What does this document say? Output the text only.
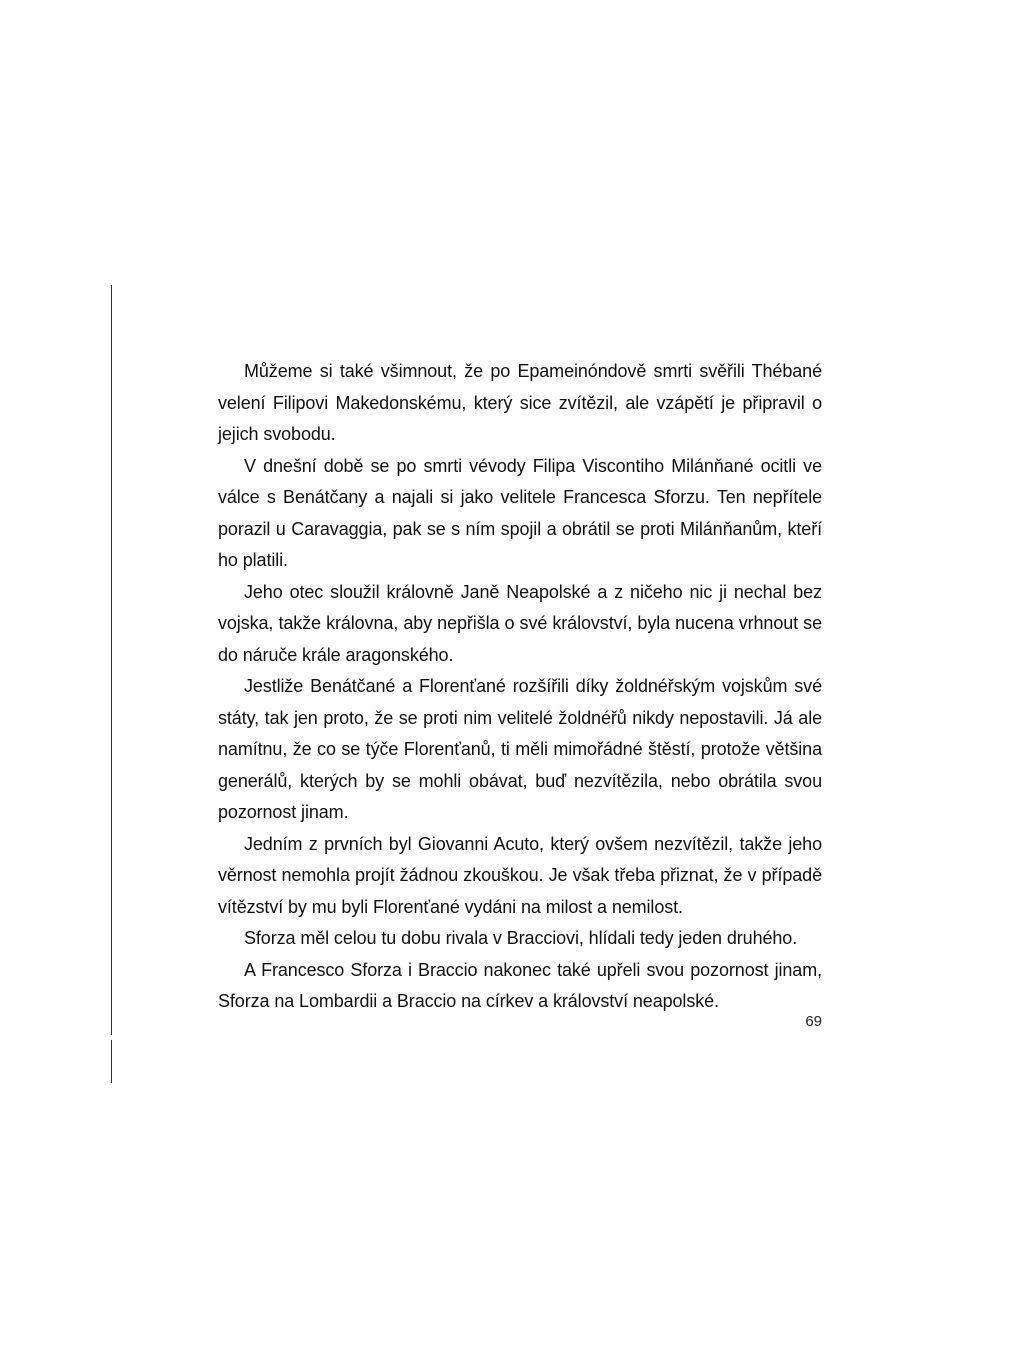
Můžeme si také všimnout, že po Epameinóndově smrti svěřili Thébané velení Filipovi Makedonskému, který sice zvítězil, ale vzápětí je připravil o jejich svobodu.

V dnešní době se po smrti vévody Filipa Viscontiho Milánňané ocitli ve válce s Benátčany a najali si jako velitele Francesca Sforzu. Ten nepřítele porazil u Caravaggia, pak se s ním spojil a obrátil se proti Milánňanům, kteří ho platili.

Jeho otec sloužil královně Janě Neapolské a z ničeho nic ji nechal bez vojska, takže královna, aby nepřišla o své království, byla nucena vrhnout se do náruče krále aragonského.

Jestliže Benátčané a Florenťané rozšířili díky žoldnéřským vojskům své státy, tak jen proto, že se proti nim velitelé žoldnéřů nikdy nepostavili. Já ale namítnu, že co se týče Florenťanů, ti měli mimořádné štěstí, protože většina generálů, kterých by se mohli obávat, buď nezvítězila, nebo obrátila svou pozornost jinam.

Jedním z prvních byl Giovanni Acuto, který ovšem nezvítězil, takže jeho věrnost nemohla projít žádnou zkouškou. Je však třeba přiznat, že v případě vítězství by mu byli Florenťané vydáni na milost a nemilost.

Sforza měl celou tu dobu rivala v Bracciovi, hlídali tedy jeden druhého.

A Francesco Sforza i Braccio nakonec také upřeli svou pozornost jinam, Sforza na Lombardii a Braccio na církev a království neapolské.

69
